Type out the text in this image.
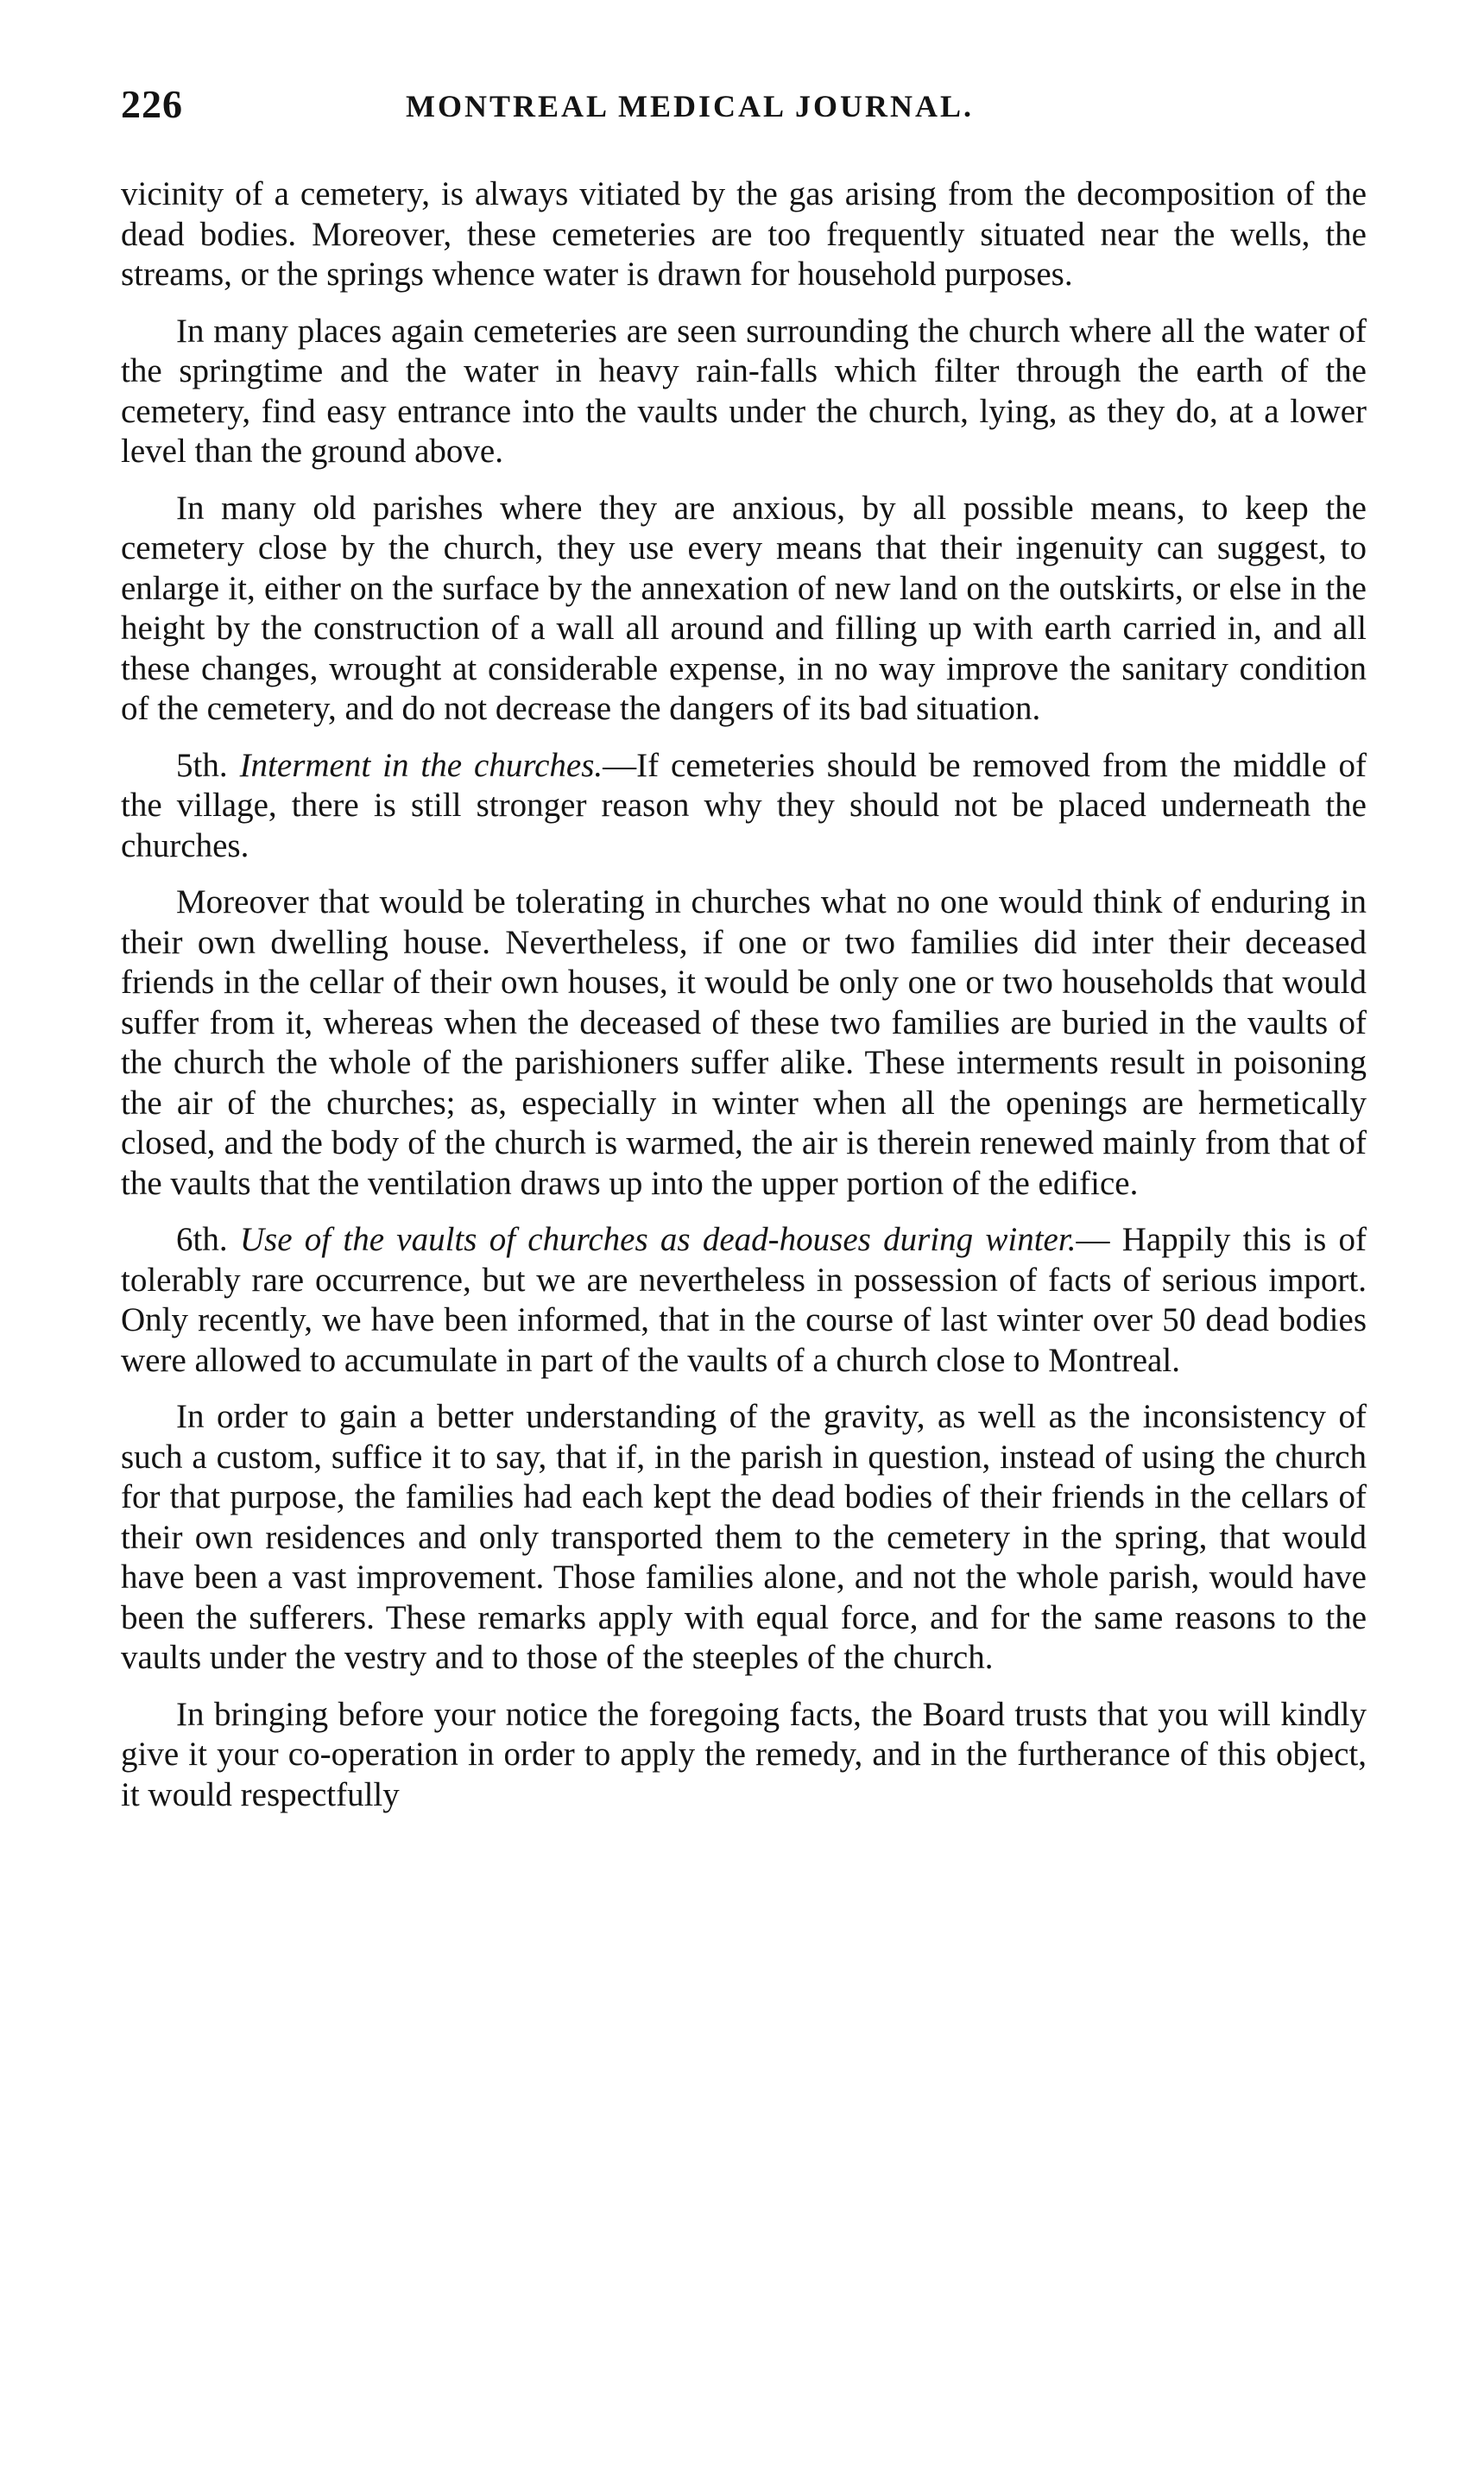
226	MONTREAL MEDICAL JOURNAL.

vicinity of a cemetery, is always vitiated by the gas arising from the decomposition of the dead bodies. Moreover, these cemeteries are too frequently situated near the wells, the streams, or the springs whence water is drawn for household purposes.

In many places again cemeteries are seen surrounding the church where all the water of the springtime and the water in heavy rain-falls which filter through the earth of the cemetery, find easy entrance into the vaults under the church, lying, as they do, at a lower level than the ground above.

In many old parishes where they are anxious, by all possible means, to keep the cemetery close by the church, they use every means that their ingenuity can suggest, to enlarge it, either on the surface by the annexation of new land on the outskirts, or else in the height by the construction of a wall all around and filling up with earth carried in, and all these changes, wrought at considerable expense, in no way improve the sanitary condition of the cemetery, and do not decrease the dangers of its bad situation.

5th. Interment in the churches.—If cemeteries should be removed from the middle of the village, there is still stronger reason why they should not be placed underneath the churches.

Moreover that would be tolerating in churches what no one would think of enduring in their own dwelling house. Nevertheless, if one or two families did inter their deceased friends in the cellar of their own houses, it would be only one or two households that would suffer from it, whereas when the deceased of these two families are buried in the vaults of the church the whole of the parishioners suffer alike. These interments result in poisoning the air of the churches; as, especially in winter when all the openings are hermetically closed, and the body of the church is warmed, the air is therein renewed mainly from that of the vaults that the ventilation draws up into the upper portion of the edifice.

6th. Use of the vaults of churches as dead-houses during winter.— Happily this is of tolerably rare occurrence, but we are nevertheless in possession of facts of serious import. Only recently, we have been informed, that in the course of last winter over 50 dead bodies were allowed to accumulate in part of the vaults of a church close to Montreal.

In order to gain a better understanding of the gravity, as well as the inconsistency of such a custom, suffice it to say, that if, in the parish in question, instead of using the church for that purpose, the families had each kept the dead bodies of their friends in the cellars of their own residences and only transported them to the cemetery in the spring, that would have been a vast improvement. Those families alone, and not the whole parish, would have been the sufferers. These remarks apply with equal force, and for the same reasons to the vaults under the vestry and to those of the steeples of the church.

In bringing before your notice the foregoing facts, the Board trusts that you will kindly give it your co-operation in order to apply the remedy, and in the furtherance of this object, it would respectfully
